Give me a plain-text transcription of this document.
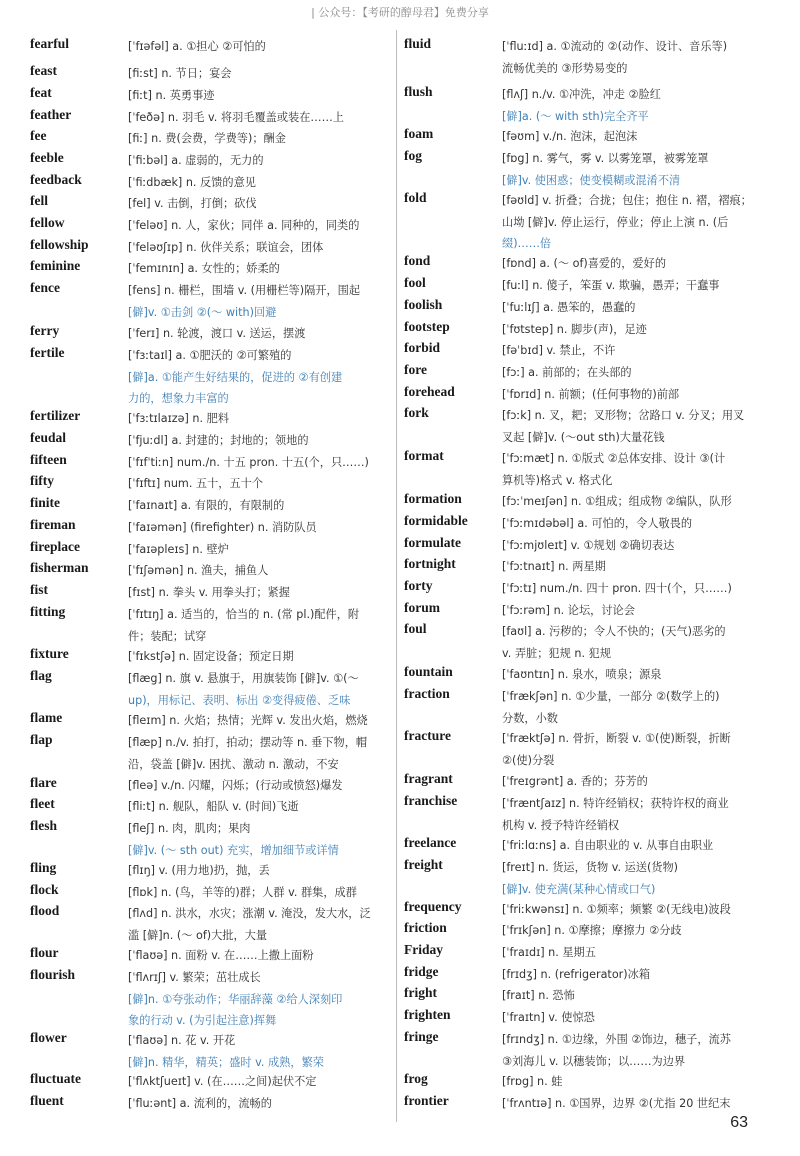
| 公众号：【考研的醇母君】免费分享
fearful	[ˈfɪəfəl] a. ①担心 ②可怕的
feast	[fiːst] n. 节日；宴会
feat	[fiːt] n. 英勇事迹
feather	[ˈfeðə] n. 羽毛 v. 将羽毛覆盖或装在……上
fee	[fiː] n. 费(会费，学费等)；酬金
feeble	[ˈfiːbəl] a. 虚弱的，无力的
feedback	[ˈfiːdbæk] n. 反馈的意见
fell	[fel] v. 击倒，打倒；砍伐
fellow	[ˈfeləʊ] n. 人，家伙；同伴 a. 同种的，同类的
fellowship	[ˈfeləʊʃɪp] n. 伙伴关系；联谊会，团体
feminine	[ˈfemɪnɪn] a. 女性的；娇柔的
fence	[fens] n. 栅栏，围墙 v. (用栅栏等)隔开，围起
[僻]v. ①击剑 ②(～ with)回避
ferry	[ˈferɪ] n. 轮渡，渡口 v. 送运，摆渡
fertile	[ˈfɜːtaɪl] a. ①肥沃的 ②可繁殖的
[僻]a. ①能产生好结果的，促进的 ②有创建
力的，想象力丰富的
fertilizer	[ˈfɜːtɪlaɪzə] n. 肥料
feudal	[ˈfjuːdl] a. 封建的；封地的；领地的
fifteen	[ˈfɪfˈtiːn] num./n. 十五 pron. 十五(个，只……)
fifty	[ˈfɪftɪ] num. 五十，五十个
finite	[ˈfaɪnaɪt] a. 有限的，有限制的
fireman	[ˈfaɪəmən] (firefighter) n. 消防队员
fireplace	[ˈfaɪəpleɪs] n. 壁炉
fisherman	[ˈfɪʃəmən] n. 渔夫，捕鱼人
fist	[fɪst] n. 拳头 v. 用拳头打；紧握
fitting	[ˈfɪtɪŋ] a. 适当的，恰当的 n. (常 pl.)配件，附
件；装配；试穿
fixture	[ˈfɪkstʃə] n. 固定设备；预定日期
flag	[flæg] n. 旗 v. 悬旗于，用旗装饰 [僻]v. ①(～
up)，用标记、表明、标出 ②变得疲倦、乏味
flame	[fleɪm] n. 火焰；热情；光辉 v. 发出火焰，燃烧
flap	[flæp] n./v. 拍打，拍动；摆动等 n. 垂下物，帽
沿，袋盖 [僻]v. 困扰、激动 n. 激动，不安
flare	[fleə] v./n. 闪耀，闪烁；(行动或愤怒)爆发
fleet	[fliːt] n. 舰队，船队 v. (时间)飞逝
flesh	[fleʃ] n. 肉，肌肉；果肉
[僻]v. (～ sth out) 充实，增加细节或详情
fling	[flɪŋ] v. (用力地)扔，抛，丢
flock	[flɒk] n. (鸟，羊等的)群；人群 v. 群集，成群
flood	[flʌd] n. 洪水，水灾；涨潮 v. 淹没，发大水，泛
滥 [僻]n. (～ of)大批，大量
flour	[ˈflaʊə] n. 面粉 v. 在……上撒上面粉
flourish	[ˈflʌrɪʃ] v. 繁荣；茁壮成长
[僻]n. ①夸张动作；华丽辞藻 ②给人深刻印
象的行动 v. (为引起注意)挥舞
flower	[ˈflaʊə] n. 花 v. 开花
[僻]n. 精华，精英；盛时 v. 成熟，繁荣
fluctuate	[ˈflʌktʃueɪt] v. (在……之间)起伏不定
fluent	[ˈfluːənt] a. 流利的，流畅的
fluid	[ˈfluːɪd] a. ①流动的 ②(动作、设计、音乐等)
流畅优美的 ③形势易变的
flush	[flʌʃ] n./v. ①冲洗，冲走 ②脸红
[僻]a. (～ with sth)完全齐平
foam	[fəʊm] v./n. 泡沫，起泡沫
fog	[fɒg] n. 雾气，雾 v. 以雾笼罩，被雾笼罩
[僻]v. 使困惑；使变模糊或混淆不清
fold	[fəʊld] v. 折叠；合拢；包住；抱住 n. 褶，褶痕；
山坳 [僻]v. 停止运行，停业；停止上演 n. (后
缀)……倍
fond	[fɒnd] a. (～ of)喜爱的，爱好的
fool	[fuːl] n. 傻子，笨蛋 v. 欺骗，愚弄；干蠢事
foolish	[ˈfuːlɪʃ] a. 愚笨的，愚蠢的
footstep	[ˈfʊtstep] n. 脚步(声)，足迹
forbid	[fəˈbɪd] v. 禁止，不许
fore	[fɔː] a. 前部的；在头部的
forehead	[ˈfɒrɪd] n. 前额；(任何事物的)前部
fork	[fɔːk] n. 叉，耙；叉形物；岔路口 v. 分叉；用叉
叉起 [僻]v. (～out sth)大量花钱
format	[ˈfɔːmæt] n. ①版式 ②总体安排、设计 ③(计
算机等)格式 v. 格式化
formation	[fɔːˈmeɪʃən] n. ①组成；组成物 ②编队，队形
formidable	[ˈfɔːmɪdəbəl] a. 可怕的，令人敬畏的
formulate	[ˈfɔːmjʊleɪt] v. ①规划 ②确切表达
fortnight	[ˈfɔːtnaɪt] n. 两星期
forty	[ˈfɔːtɪ] num./n. 四十 pron. 四十(个，只……)
forum	[ˈfɔːrəm] n. 论坛，讨论会
foul	[faʊl] a. 污秽的；令人不快的；(天气)恶劣的
v. 弄脏；犯规 n. 犯规
fountain	[ˈfaʊntɪn] n. 泉水，喷泉；源泉
fraction	[ˈfrækʃən] n. ①少量，一部分 ②(数学上的)
分数，小数
fracture	[ˈfræktʃə] n. 骨折，断裂 v. ①(使)断裂，折断
②(使)分裂
fragrant	[ˈfreɪgrənt] a. 香的；芬芳的
franchise	[ˈfræntʃaɪz] n. 特许经销权；获特许权的商业
机构 v. 授予特许经销权
freelance	[ˈfriːlɑːns] a. 自由职业的 v. 从事自由职业
freight	[freɪt] n. 货运，货物 v. 运送(货物)
[僻]v. 使充满(某种心情或口气)
frequency	[ˈfriːkwənsɪ] n. ①频率；频繁 ②(无线电)波段
friction	[ˈfrɪkʃən] n. ①摩擦；摩擦力 ②分歧
Friday	[ˈfraɪdɪ] n. 星期五
fridge	[frɪdʒ] n. (refrigerator)冰箱
fright	[fraɪt] n. 恐怖
frighten	[ˈfraɪtn] v. 使惊恐
fringe	[frɪndʒ] n. ①边缘，外围 ②饰边，穗子，流苏
③刘海儿 v. 以穗装饰；以……为边界
frog	[frɒg] n. 蛙
frontier	[ˈfrʌntɪə] n. ①国界，边界 ②(尤指 20 世纪末
63
